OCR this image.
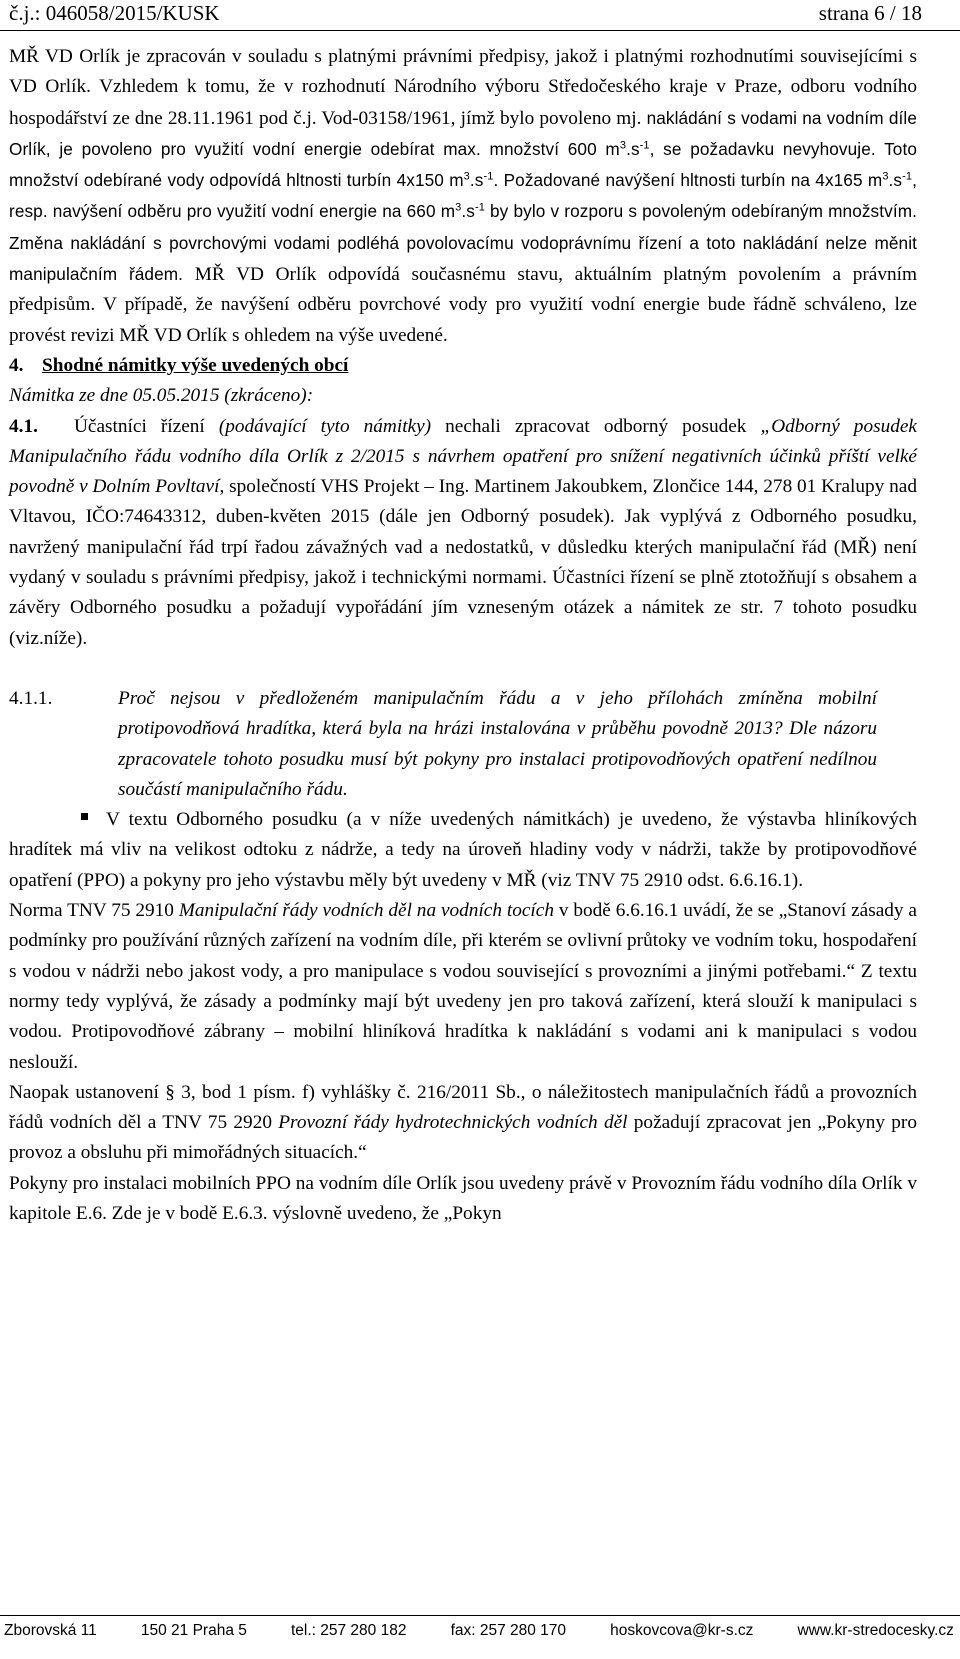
č.j.: 046058/2015/KUSK	strana 6 / 18

MŘ VD Orlík je zpracován v souladu s platnými právními předpisy, jakož i platnými rozhodnutími souvisejícími s VD Orlík. Vzhledem k tomu, že v rozhodnutí Národního výboru Středočeského kraje v Praze, odboru vodního hospodářství ze dne 28.11.1961 pod č.j. Vod-03158/1961, jímž bylo povoleno mj. nakládání s vodami na vodním díle Orlík, je povoleno pro využití vodní energie odebírat max. množství 600 $m^3.s^{-1}$, se požadavku nevyhovuje. Toto množství odebírané vody odpovídá hltnosti turbín 4x150 $m^3.s^{-1}$. Požadované navýšení hltnosti turbín na 4x165 $m^3.s^{-1}$, resp. navýšení odběru pro využití vodní energie na 660 $m^3.s^{-1}$ by bylo v rozporu s povoleným odebíraným množstvím. Změna nakládání s povrchovými vodami podléhá povolovacímu vodoprávnímu řízení a toto nakládání nelze měnit manipulačním řádem. MŘ VD Orlík odpovídá současnému stavu, aktuálním platným povolením a právním předpisům. V případě, že navýšení odběru povrchové vody pro využití vodní energie bude řádně schváleno, lze provést revizi MŘ VD Orlík s ohledem na výše uvedené.

4. Shodné námitky výše uvedených obcí

Námitka ze dne 05.05.2015 (zkráceno):

4.1. Účastníci řízení (podávající tyto námitky) nechali zpracovat odborný posudek „Odborný posudek Manipulačního řádu vodního díla Orlík z 2/2015 s návrhem opatření pro snížení negativních účinků příští velké povodně v Dolním Povltaví, společností VHS Projekt – Ing. Martinem Jakoubkem, Zlončice 144, 278 01 Kralupy nad Vltavou, IČO:74643312, duben-květen 2015 (dále jen Odborný posudek). Jak vyplývá z Odborného posudku, navržený manipulační řád trpí řadou závažných vad a nedostatků, v důsledku kterých manipulační řád (MŘ) není vydaný v souladu s právními předpisy, jakož i technickými normami. Účastníci řízení se plně ztotožňují s obsahem a závěry Odborného posudku a požadují vypořádání jím vzneseným otázek a námitek ze str. 7 tohoto posudku (viz.níže).

4.1.1.	Proč nejsou v předloženém manipulačním řádu a v jeho přílohách zmíněna mobilní protipovodňová hradítka, která byla na hrázi instalována v průběhu povodně 2013? Dle názoru zpracovatele tohoto posudku musí být pokyny pro instalaci protipovodňových opatření nedílnou součástí manipulačního řádu.

V textu Odborného posudku (a v níže uvedených námitkách) je uvedeno, že výstavba hliníkových hradítek má vliv na velikost odtoku z nádrže, a tedy na úroveň hladiny vody v nádrži, takže by protipovodňové opatření (PPO) a pokyny pro jeho výstavbu měly být uvedeny v MŘ (viz TNV 75 2910 odst. 6.6.16.1).

Norma TNV 75 2910 Manipulační řády vodních děl na vodních tocích v bodě 6.6.16.1 uvádí, že se „Stanoví zásady a podmínky pro používání různých zařízení na vodním díle, při kterém se ovlivní průtoky ve vodním toku, hospodaření s vodou v nádrži nebo jakost vody, a pro manipulace s vodou související s provozními a jinými potřebami.“ Z textu normy tedy vyplývá, že zásady a podmínky mají být uvedeny jen pro taková zařízení, která slouží k manipulaci s vodou. Protipovodňové zábrany – mobilní hliníková hradítka k nakládání s vodami ani k manipulaci s vodou neslouží.

Naopak ustanovení § 3, bod 1 písm. f) vyhlášky č. 216/2011 Sb., o náležitostech manipulačních řádů a provozních řádů vodních děl a TNV 75 2920 Provozní řády hydrotechnických vodních děl požadují zpracovat jen „Pokyny pro provoz a obsluhu při mimořádných situacích.“

Pokyny pro instalaci mobilních PPO na vodním díle Orlík jsou uvedeny právě v Provozním řádu vodního díla Orlík v kapitole E.6. Zde je v bodě E.6.3. výslovně uvedeno, že „Pokyn

Zborovská 11	150 21 Praha 5	tel.: 257 280 182	fax: 257 280 170	hoskovcova@kr-s.cz	www.kr-stredocesky.cz
